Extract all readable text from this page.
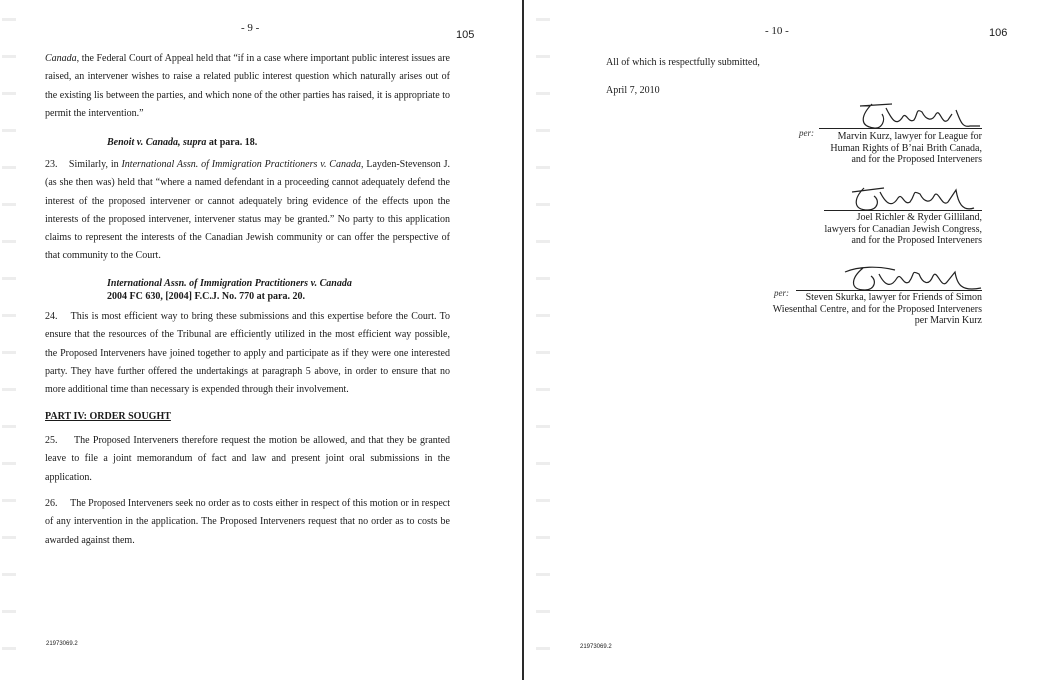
- 9 -
105
Canada, the Federal Court of Appeal held that “if in a case where important public interest issues are raised, an intervener wishes to raise a related public interest question which naturally arises out of the existing lis between the parties, and which none of the other parties has raised, it is appropriate to permit the intervention.”
Benoit v. Canada, supra at para. 18.
23. Similarly, in International Assn. of Immigration Practitioners v. Canada, Layden-Stevenson J. (as she then was) held that “where a named defendant in a proceeding cannot adequately defend the interest of the proposed intervener or cannot adequately bring evidence of the effects upon the interests of the proposed intervener, intervener status may be granted.” No party to this application claims to represent the interests of the Canadian Jewish community or can offer the perspective of that community to the Court.
International Assn. of Immigration Practitioners v. Canada
2004 FC 630, [2004] F.C.J. No. 770 at para. 20.
24. This is most efficient way to bring these submissions and this expertise before the Court. To ensure that the resources of the Tribunal are efficiently utilized in the most efficient way possible, the Proposed Interveners have joined together to apply and participate as if they were one interested party. They have further offered the undertakings at paragraph 5 above, in order to ensure that no more additional time than necessary is expended through their involvement.
PART IV: ORDER SOUGHT
25. The Proposed Interveners therefore request the motion be allowed, and that they be granted leave to file a joint memorandum of fact and law and present joint oral submissions in the application.
26. The Proposed Interveners seek no order as to costs either in respect of this motion or in respect of any intervention in the application. The Proposed Interveners request that no order as to costs be awarded against them.
21973069.2
- 10 -	106
All of which is respectfully submitted,
April 7, 2010
per:	Marvin Kurz, lawyer for League for
Human Rights of B’nai Brith Canada,
and for the Proposed Interveners
Joel Richler & Ryder Gilliland,
lawyers for Canadian Jewish Congress,
and for the Proposed Interveners
per:	Steven Skurka, lawyer for Friends of Simon
Wiesenthal Centre, and for the Proposed Interveners
per Marvin Kurz
21973069.2
